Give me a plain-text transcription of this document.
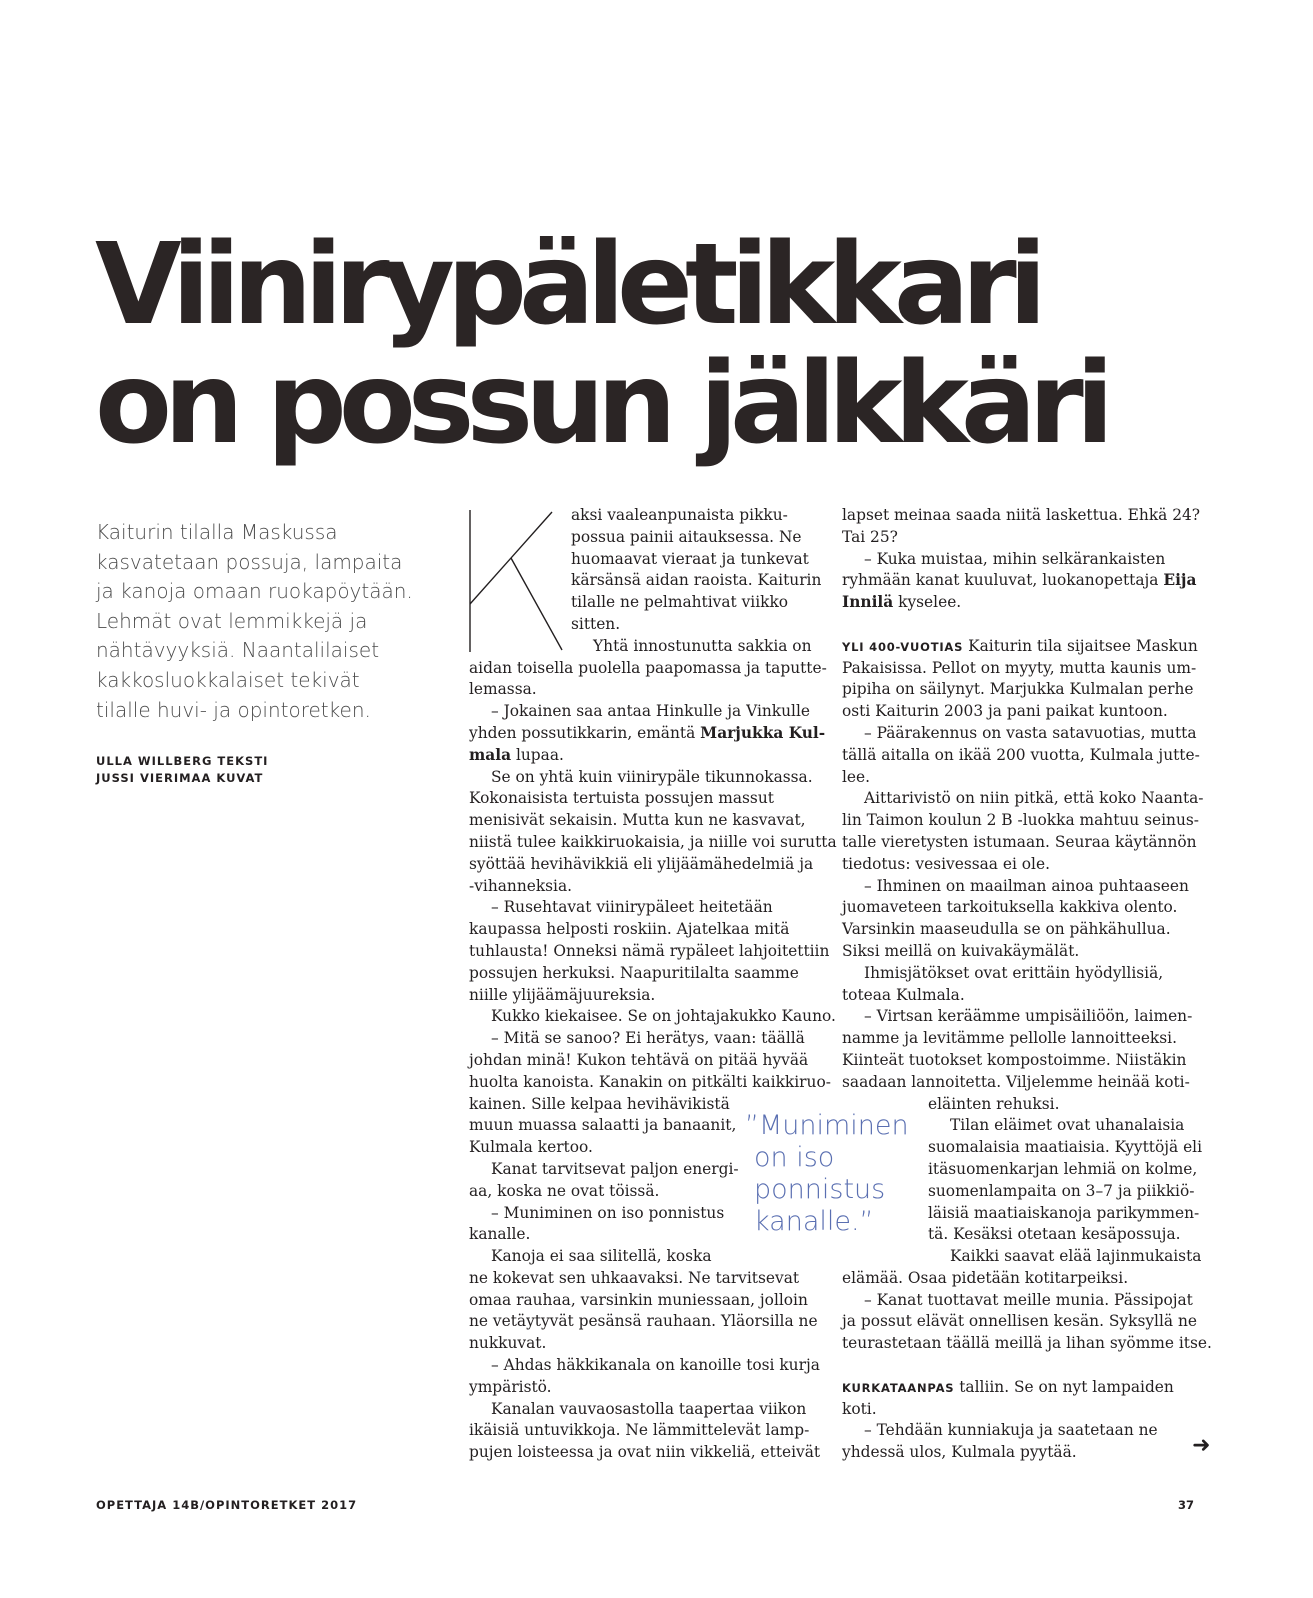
Viinirypäletikkari
on possun jälkkäri
Kaiturin tilalla Maskussa
kasvatetaan possuja, lampaita
ja kanoja omaan ruokapöytään.
Lehmät ovat lemmikkejä ja
nähtävyyksiä. Naantalilaiset
kakkosluokkalaiset tekivät
tilalle huvi- ja opintoretken.
ULLA WILLBERG TEKSTI
JUSSI VIERIMAA KUVAT
aksi vaaleanpunaista pikku-
possua painii aitauksessa. Ne
huomaavat vieraat ja tunkevat
kärsänsä aidan raoista. Kaiturin
tilalle ne pelmahtivat viikko
sitten.
Yhtä innostunutta sakkia on
aidan toisella puolella paapomassa ja taputte-
lemassa.
– Jokainen saa antaa Hinkulle ja Vinkulle
yhden possutikkarin, emäntä Marjukka Kul-
mala lupaa.
Se on yhtä kuin viinirypäle tikunnokassa.
Kokonaisista tertuista possujen massut
menisivät sekaisin. Mutta kun ne kasvavat,
niistä tulee kaikkiruokaisia, ja niille voi surutta
syöttää hevihävikkiä eli ylijäämähedelmiä ja
-vihanneksia.
– Rusehtavat viinirypäleet heitetään
kaupassa helposti roskiin. Ajatelkaa mitä
tuhlausta! Onneksi nämä rypäleet lahjoitettiin
possujen herkuksi. Naapuritilalta saamme
niille ylijäämäjuureksia.
Kukko kiekaisee. Se on johtajakukko Kauno.
– Mitä se sanoo? Ei herätys, vaan: täällä
johdan minä! Kukon tehtävä on pitää hyvää
huolta kanoista. Kanakin on pitkälti kaikkiruo-
kainen. Sille kelpaa hevihävikistä
muun muassa salaatti ja banaanit,
Kulmala kertoo.
Kanat tarvitsevat paljon energi-
aa, koska ne ovat töissä.
– Muniminen on iso ponnistus
kanalle.
Kanoja ei saa silitellä, koska
ne kokevat sen uhkaavaksi. Ne tarvitsevat
omaa rauhaa, varsinkin muniessaan, jolloin
ne vetäytyvät pesänsä rauhaan. Yläorsilla ne
nukkuvat.
– Ahdas häkkikanala on kanoille tosi kurja
ympäristö.
Kanalan vauvaosastolla taapertaa viikon
ikäisiä untuvikkoja. Ne lämmittelevät lamp-
pujen loisteessa ja ovat niin vikkeliä, etteivät
lapset meinaa saada niitä laskettua. Ehkä 24?
Tai 25?
– Kuka muistaa, mihin selkärankaisten
ryhmään kanat kuuluvat, luokanopettaja Eija
Innilä kyselee.
YLI 400-VUOTIAS Kaiturin tila sijaitsee Maskun
Pakaisissa. Pellot on myyty, mutta kaunis um-
pipiha on säilynyt. Marjukka Kulmalan perhe
osti Kaiturin 2003 ja pani paikat kuntoon.
– Päärakennus on vasta satavuotias, mutta
tällä aitalla on ikää 200 vuotta, Kulmala jutte-
lee.
Aittarivistö on niin pitkä, että koko Naanta-
lin Taimon koulun 2 B -luokka mahtuu seinus-
talle vieretysten istumaan. Seuraa käytännön
tiedotus: vesivessaa ei ole.
– Ihminen on maailman ainoa puhtaaseen
juomaveteen tarkoituksella kakkiva olento.
Varsinkin maaseudulla se on pähkähullua.
Siksi meillä on kuivakäymälät.
Ihmisjätökset ovat erittäin hyödyllisiä,
toteaa Kulmala.
– Virtsan keräämme umpisäiliöön, laimen-
namme ja levitämme pellolle lannoitteeksi.
Kiinteät tuotokset kompostoimme. Niistäkin
saadaan lannoitetta. Viljelemme heinää koti-
eläinten rehuksi.
Tilan eläimet ovat uhanalaisia
suomalaisia maatiaisia. Kyyttöjä eli
itäsuomenkarjan lehmiä on kolme,
suomenlampaita on 3–7 ja piikkiö-
läisiä maatiaiskanoja parikymmen-
tä. Kesäksi otetaan kesäpossuja.
Kaikki saavat elää lajinmukaista
elämää. Osaa pidetään kotitarpeiksi.
– Kanat tuottavat meille munia. Pässipojat
ja possut elävät onnellisen kesän. Syksyllä ne
teurastetaan täällä meillä ja lihan syömme itse.
KURKATAANPAS talliin. Se on nyt lampaiden
koti.
– Tehdään kunniakuja ja saatetaan ne
yhdessä ulos, Kulmala pyytää.
”Muniminen
on iso
ponnistus
kanalle.”
➜
OPETTAJA 14B/OPINTORETKET 2017	37
